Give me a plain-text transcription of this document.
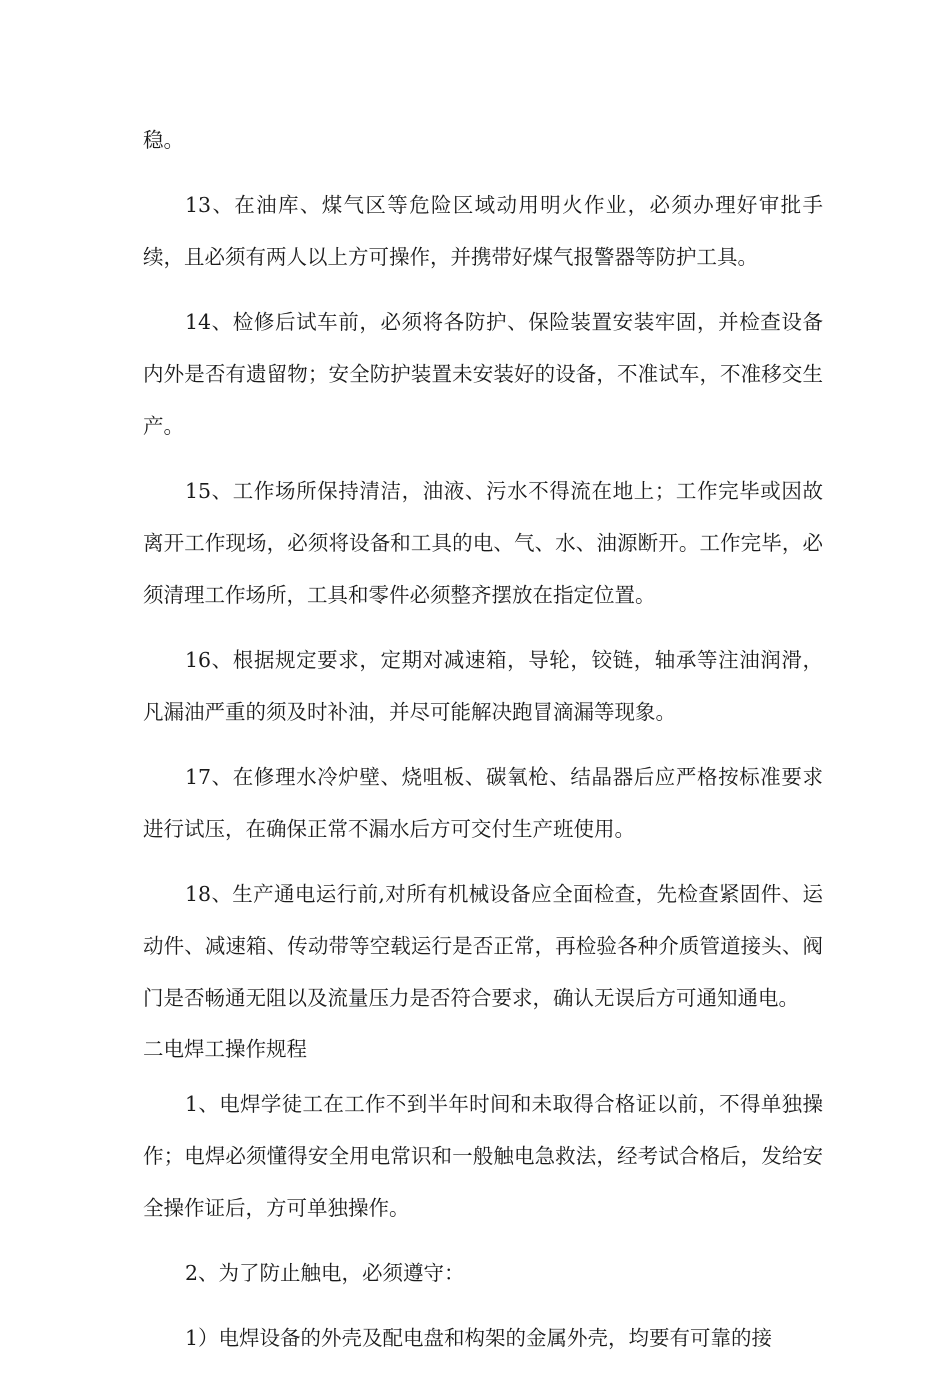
稳。

13、在油库、煤气区等危险区域动用明火作业，必须办理好审批手续，且必须有两人以上方可操作，并携带好煤气报警器等防护工具。

14、检修后试车前，必须将各防护、保险装置安装牢固，并检查设备内外是否有遗留物；安全防护装置未安装好的设备，不准试车，不准移交生产。

15、工作场所保持清洁，油液、污水不得流在地上；工作完毕或因故离开工作现场，必须将设备和工具的电、气、水、油源断开。工作完毕，必须清理工作场所，工具和零件必须整齐摆放在指定位置。

16、根据规定要求，定期对减速箱，导轮，铰链，轴承等注油润滑，凡漏油严重的须及时补油，并尽可能解决跑冒滴漏等现象。

17、在修理水冷炉壁、烧咀板、碳氧枪、结晶器后应严格按标准要求进行试压，在确保正常不漏水后方可交付生产班使用。

18、生产通电运行前,对所有机械设备应全面检查，先检查紧固件、运动件、减速箱、传动带等空载运行是否正常，再检验各种介质管道接头、阀门是否畅通无阻以及流量压力是否符合要求，确认无误后方可通知通电。

二电焊工操作规程

1、电焊学徒工在工作不到半年时间和未取得合格证以前，不得单独操作；电焊必须懂得安全用电常识和一般触电急救法，经考试合格后，发给安全操作证后，方可单独操作。

2、为了防止触电，必须遵守：

1）电焊设备的外壳及配电盘和构架的金属外壳，均要有可靠的接
